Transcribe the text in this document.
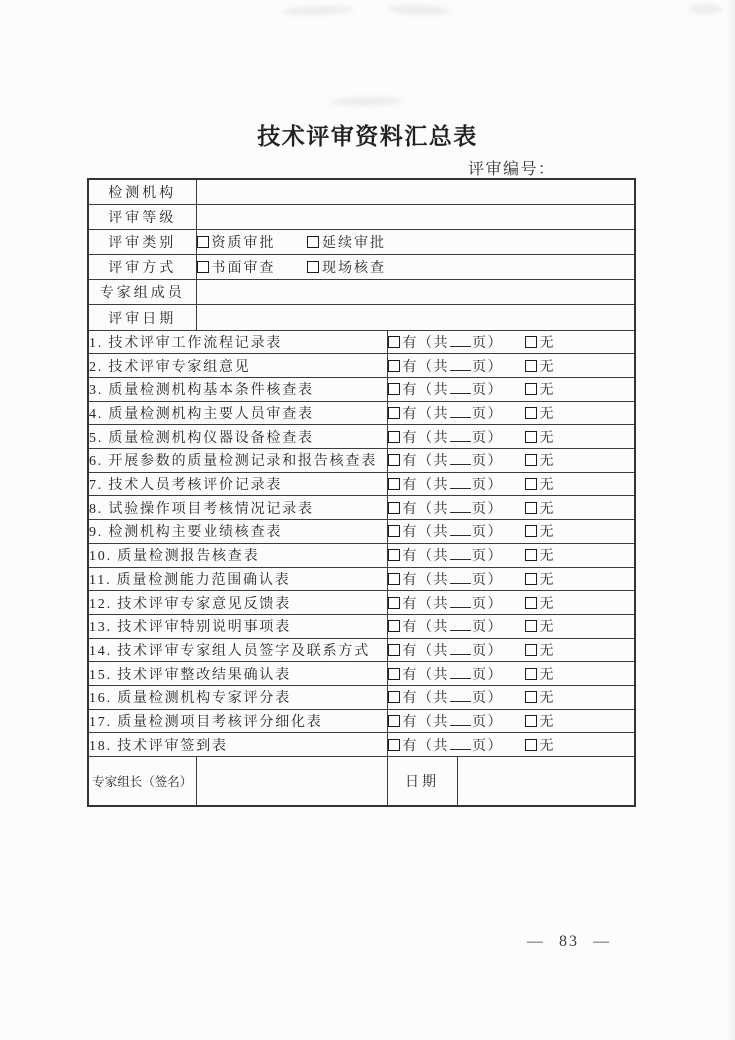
技术评审资料汇总表
评审编号：
检测机构			
评审等级			
评审类别	资质审批 延续审批		
评审方式	书面审查 现场核查		
专家组成员			
评审日期			
1. 技术评审工作流程记录表		有（共 页） 无	
2. 技术评审专家组意见		有（共 页） 无	
3. 质量检测机构基本条件核查表		有（共 页） 无	
4. 质量检测机构主要人员审查表		有（共 页） 无	
5. 质量检测机构仪器设备检查表		有（共 页） 无	
6. 开展参数的质量检测记录和报告核查表		有（共 页） 无	
7. 技术人员考核评价记录表		有（共 页） 无	
8. 试验操作项目考核情况记录表		有（共 页） 无	
9. 检测机构主要业绩核查表		有（共 页） 无	
10. 质量检测报告核查表		有（共 页） 无	
11. 质量检测能力范围确认表		有（共 页） 无	
12. 技术评审专家意见反馈表		有（共 页） 无	
13. 技术评审特别说明事项表		有（共 页） 无	
14. 技术评审专家组人员签字及联系方式		有（共 页） 无	
15. 技术评审整改结果确认表		有（共 页） 无	
16. 质量检测机构专家评分表		有（共 页） 无	
17. 质量检测项目考核评分细化表		有（共 页） 无	
18. 技术评审签到表		有（共 页） 无	
专家组长（签名）		日期	
— 83 —
